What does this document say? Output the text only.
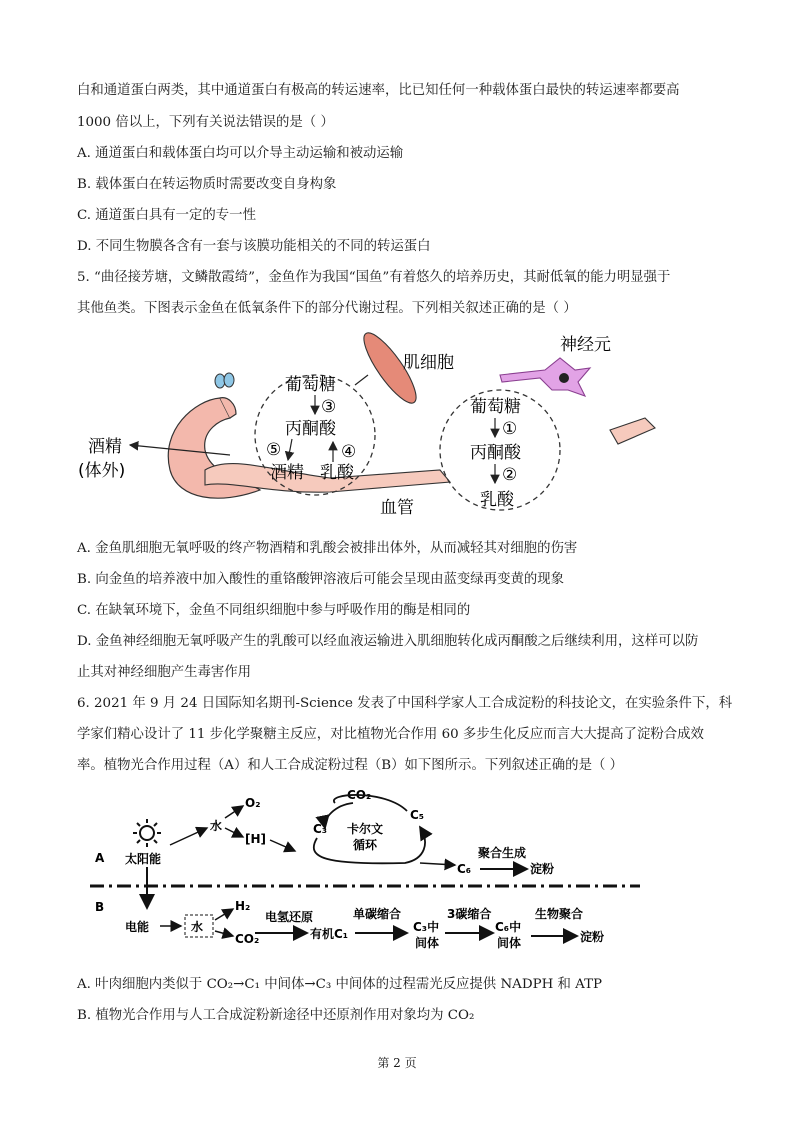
白和通道蛋白两类，其中通道蛋白有极高的转运速率，比已知任何一种载体蛋白最快的转运速率都要高
1000 倍以上，下列有关说法错误的是（ ）
A. 通道蛋白和载体蛋白均可以介导主动运输和被动运输
B. 载体蛋白在转运物质时需要改变自身构象
C. 通道蛋白具有一定的专一性
D. 不同生物膜各含有一套与该膜功能相关的不同的转运蛋白
5. “曲径接芳塘，文鳞散霞绮”，金鱼作为我国“国鱼”有着悠久的培养历史，其耐低氧的能力明显强于
其他鱼类。下图表示金鱼在低氧条件下的部分代谢过程。下列相关叙述正确的是（ ）
肌细胞
神经元
葡萄糖
③
丙酮酸
⑤	④
酒精 乳酸
酒精
(体外)
血管
葡萄糖
①
丙酮酸
②
乳酸
A. 金鱼肌细胞无氧呼吸的终产物酒精和乳酸会被排出体外，从而减轻其对细胞的伤害
B. 向金鱼的培养液中加入酸性的重铬酸钾溶液后可能会呈现由蓝变绿再变黄的现象
C. 在缺氧环境下，金鱼不同组织细胞中参与呼吸作用的酶是相同的
D. 金鱼神经细胞无氧呼吸产生的乳酸可以经血液运输进入肌细胞转化成丙酮酸之后继续利用，这样可以防
止其对神经细胞产生毒害作用
6. 2021 年 9 月 24 日国际知名期刊-Science 发表了中国科学家人工合成淀粉的科技论文，在实验条件下，科
学家们精心设计了 11 步化学聚糖主反应，对比植物光合作用 60 多步生化反应而言大大提高了淀粉合成效
率。植物光合作用过程（A）和人工合成淀粉过程（B）如下图所示。下列叙述正确的是（ ）
A 太阳能
水
O₂
[H]
CO₂
C₃
C₅
卡尔文
循环
C₆
聚合生成
淀粉
B
电能	水
H₂
CO₂
电氢还原
有机C₁
单碳缩合
C₃中
间体
3碳缩合
C₆中
间体
生物聚合
淀粉
A. 叶肉细胞内类似于 CO₂→C₁ 中间体→C₃ 中间体的过程需光反应提供 NADPH 和 ATP
B. 植物光合作用与人工合成淀粉新途径中还原剂作用对象均为 CO₂
第 2 页
